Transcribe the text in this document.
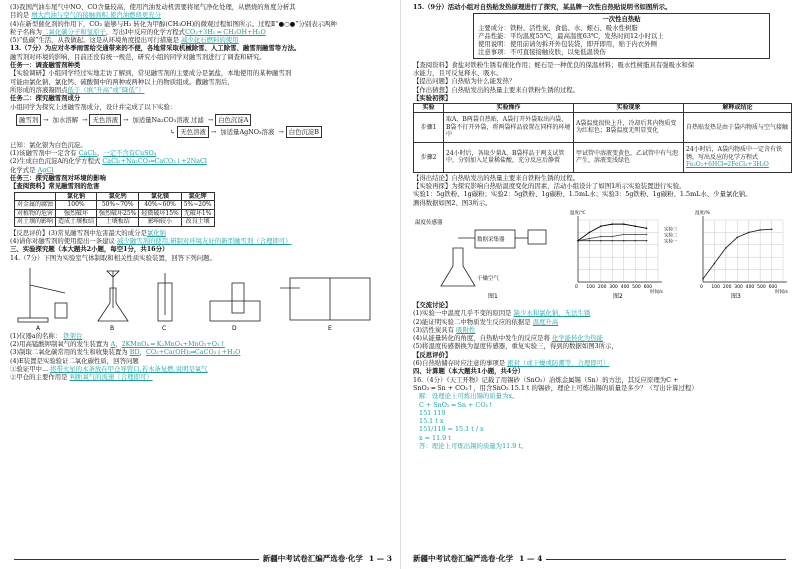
(3)我国汽油车尾气中NO、CO含量较高，使用汽油发动机需要将尾气净化处理，从燃烧的角度分析其
目的是 增大汽油与空气的接触面积,使汽油燃烧更充分
(4)在新型催化剂的作用下，CO₂ 能够与H₂ 转化为甲醇(CH₃OH)的微观过程如图所示。过程Ⅱ“●○●”分别表示两种
粒子名称为二氧化碳分子和氢原子，写出Ⅰ中反应的化学方程式CO₂+3H₂ ═ CH₃OH+H₂O
(5)“低碳”生活，从我做起。这是从环境角度提出可行措施是 减少化石燃料的使用
13.（7分）为应对冬季雨雪给交通带来的不便，各地常采取机械除雪、人工除雪、融雪剂融雪等方法。
融雪剂对环境的影响，目前还没有统一规范，研究小组的同学对融雪剂进行了调查和研究。
任务一：调查融雪剂种类
【实验调研】小组同学经过实地走访了解到，常见融雪剂的主要成分是氯盐，本地使用的某种融雪剂
可能由氯化钠、氯化钙、硫酸铜中的两种或两种以上的物质组成。撒融雪剂后，
所形成的溶液凝固点低于（填“升高”或“降低”）
任务二：探究融雪剂成分
小组同学为探究上述融雪剂成分，设计并完成了以下实验：
融雪剂 → 加水溶解 → 无色溶液 → 加适量Na₂CO₃溶液 过滤 → 白色沉淀A
↳ 无色溶液 → 加适量AgNO₃溶液 → 白色沉淀B
已知：氯化银为白色沉淀。
(1)该融雪剂中一定含有 CaCl₂，一定不含有CuSO₄
(2)生成白色沉淀A的化学方程式 CaCl₂+Na₂CO₃═CaCO₃↓+2NaCl
化学式是 AgCl
任务三：探究融雪剂对环境的影响
【查阅资料】常见融雪剂的危害
	氯化钠	氯化钙	氯化镁	氯化钾
对金属的腐蚀	100%	50%~70%	40%~60%	5%~20%
对植物的危害	强烈破坏	强烈破坏25%	轻微破坏15%	无破坏1%
对土壤的影响	造成土壤板结	土壤板结	影响较小	改良土壤
【反思评价】(3)常见融雪剂中危害最大的成分是氯化钠
(4)请你对融雪剂的使用提出一条建议 减少融雪剂的使用,研制对环境友好的新型融雪剂（合理即可）
三、实验探究题（本大题共2小题，每空1分，共16分）
14.（7分）下图为实验室气体制取和相关性质实验装置，回答下列问题。
A	B	C	D	E
(1)仪器a的名称： 铁架台
(2)用高锰酸钾制氧气的发生装置为 A，2KMnO₄ ═ K₂MnO₄+MnO₂+O₂↑
(3)制取二氧化碳常用的发生和收集装置为 BD，CO₂+Ca(OH)₂═CaCO₃↓+H₂O
(4)E装置是实验验证二氧化碳性质，回答问题
①验证甲中... 将带火星的木条放在甲仓导管口,若木条复燃,说明是氧气
②甲仓的主要作用是 判断氧气的流速（合理即可）
新疆中考试卷汇编严选卷·化学 1 — 3
15.（9分）活动小组对自热贴发热原理进行了探究，某品牌一次性自热贴说明书如图所示。
一次性自热贴
主要成分：铁粉、活性炭、食盐、水、蛭石、吸水性树脂
产品性能：平均温度55℃，最高温度63℃，发热时间12小时以上
使用说明：使用前请勿拆开外包装袋，即开即用，贴于内衣外侧
注意事项：不可直接接触皮肤，以免低温烫伤
【查阅资料】食盐对铁粉生锈有催化作用；蛭石是一种优良的保温材料；吸水性树脂具有强吸水和保
水能力，且可反复释水、吸水。
【提出问题】自热贴为什么能发热？
【作出猜想】自热贴发出的热量主要来自铁粉生锈的过程。
【实验初探】
实验	实验操作	实验现象	解释或结论
步骤1	取A、B两袋自热贴，A袋打开外袋取出内袋，B袋不打开外袋，将两袋样品放置在同样的环境中	A袋温度很快上升，冷却后其内物质变为红棕色；B袋温度无明显变化	自热贴发热是由于袋内物质与空气接触
步骤2	24小时后，各取少量A、B袋样品于两支试管中，分别加入足量稀盐酸，充分反应后静置	甲试管中溶液变黄色，乙试管中有气泡产生，溶液变浅绿色	24小时后，A袋内物质中一定含有铁锈，写出反应的化学方程式 Fe₂O₃+6HCl═2FeCl₃+3H₂O
【得出结论】自热贴发出的热量主要来自铁粉生锈的过程。
【实验再探】为探究影响自热贴温度变化的因素，活动小组设计了如图1所示实验装置进行实验。
实验1：5g铁粉、1g碳粉；实验2：5g铁粉、1g碳粉、1.5mL水；实验3：5g铁粉、1g碳粉、1.5mL水、少量氯化钠。
测得数据如图2、图3所示。
温度传感器
数据采集器
干燥空气
图1
0 100 200 300 400 500 600
时间/s
温度/℃
实验一
实验二
实验三
图2
0 100 200 300 400 500 600
时间/s
湿度/%
图3
【交流讨论】
(1)实验一中温度几乎不变的原因是 缺少水和氯化钠，无法生锈
(2)能证明实验二中物质发生反应的依据是 温度升高
(3)活性炭具有 吸附性
(4)从能量转化的角度，自热贴中发生的反应是将 化学能转化为热能
(5)将湿度传感器换为湿度传感器，重复实验三，得到的数据如图3所示，
【反思评价】
(6)自热贴储存时应注意的事项是 密封（或干燥或防潮等，合理即可）
四、计算题（本大题共1小题，共4分）
16.（4分）《天工开物》记载了用锡砂（SnO₂）冶炼金属锡（Sn）的方法，其反应原理为C +
SnO₂ ═ Sn + CO₂↑，用含SnO₂ 15.1 t 的锡砂，理论上可炼出锡的质量是多少？（写出计算过程）
解：设理论上可炼出锡的质量为x。
C + SnO₂ ═ Sn + CO₂↑
151 119
15.1 t x
151/119 = 15.1 t / x
x = 11.9 t
答：理论上可炼出锡的质量为11.9 t。
新疆中考试卷汇编严选卷·化学 1 — 4
